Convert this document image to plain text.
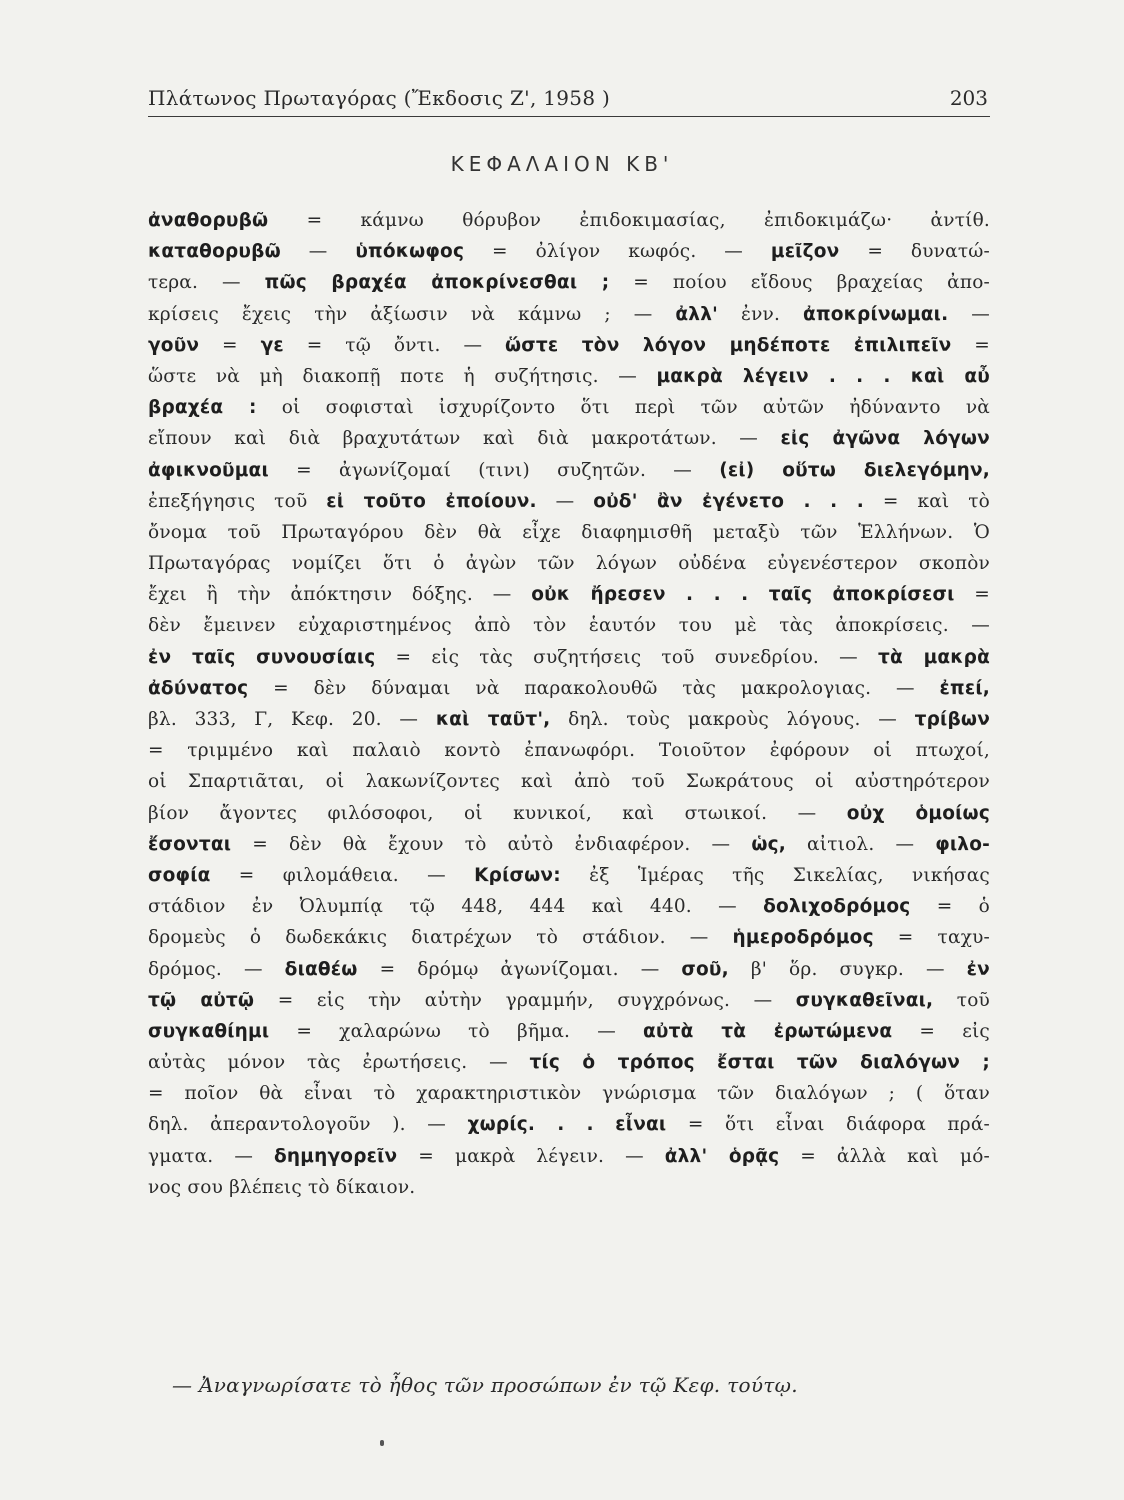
Πλάτωνος Πρωταγόρας (Ἔκδοσις Ζ', 1958 )	203
ΚΕΦΑΛΑΙΟΝ ΚΒ'
ἀναθορυβῶ = κάμνω θόρυβον ἐπιδοκιμασίας, ἐπιδοκιμάζω· ἀντίθ.
καταθορυβῶ — ὑπόκωφος = ὀλίγον κωφός. — μεῖζον = δυνατώ-
τερα. — πῶς βραχέα ἀποκρίνεσθαι ; = ποίου εἴδους βραχείας ἀπο-
κρίσεις ἔχεις τὴν ἀξίωσιν νὰ κάμνω ; — ἀλλ' ἐνν. ἀποκρίνωμαι. —
γοῦν = γε = τῷ ὄντι. — ὥστε τὸν λόγον μηδέποτε ἐπιλιπεῖν =
ὥστε νὰ μὴ διακοπῇ ποτε ἡ συζήτησις. — μακρὰ λέγειν . . . καὶ αὖ
βραχέα : οἱ σοφισταὶ ἰσχυρίζοντο ὅτι περὶ τῶν αὐτῶν ἠδύναντο νὰ
εἴπουν καὶ διὰ βραχυτάτων καὶ διὰ μακροτάτων. — εἰς ἀγῶνα λόγων
ἀφικνοῦμαι = ἀγωνίζομαί (τινι) συζητῶν. — (εἰ) οὕτω διελεγόμην,
ἐπεξήγησις τοῦ εἰ τοῦτο ἐποίουν. — οὐδ' ἂν ἐγένετο . . . = καὶ τὸ
ὄνομα τοῦ Πρωταγόρου δὲν θὰ εἶχε διαφημισθῆ μεταξὺ τῶν Ἑλλήνων. Ὁ
Πρωταγόρας νομίζει ὅτι ὁ ἀγὼν τῶν λόγων οὐδένα εὐγενέστερον σκοπὸν
ἔχει ἢ τὴν ἀπόκτησιν δόξης. — οὐκ ἤρεσεν . . . ταῖς ἀποκρίσεσι =
δὲν ἔμεινεν εὐχαριστημένος ἀπὸ τὸν ἑαυτόν του μὲ τὰς ἀποκρίσεις. —
ἐν ταῖς συνουσίαις = εἰς τὰς συζητήσεις τοῦ συνεδρίου. — τὰ μακρὰ
ἀδύνατος = δὲν δύναμαι νὰ παρακολουθῶ τὰς μακρολογιας. — ἐπεί,
βλ. 333, Γ, Κεφ. 20. — καὶ ταῦτ', δηλ. τοὺς μακροὺς λόγους. — τρίβων
= τριμμένο καὶ παλαιὸ κοντὸ ἐπανωφόρι. Τοιοῦτον ἐφόρουν οἱ πτωχοί,
οἱ Σπαρτιᾶται, οἱ λακωνίζοντες καὶ ἀπὸ τοῦ Σωκράτους οἱ αὐστηρότερον
βίον ἄγοντες φιλόσοφοι, οἱ κυνικοί, καὶ στωικοί. — οὐχ ὁμοίως
ἔσονται = δὲν θὰ ἔχουν τὸ αὐτὸ ἐνδιαφέρον. — ὡς, αἰτιολ. — φιλο-
σοφία = φιλομάθεια. — Κρίσων: ἐξ Ἱμέρας τῆς Σικελίας, νικήσας
στάδιον ἐν Ὀλυμπίᾳ τῷ 448, 444 καὶ 440. — δολιχοδρόμος = ὁ
δρομεὺς ὁ δωδεκάκις διατρέχων τὸ στάδιον. — ἡμεροδρόμος = ταχυ-
δρόμος. — διαθέω = δρόμῳ ἀγωνίζομαι. — σοῦ, β' ὅρ. συγκρ. — ἐν
τῷ αὐτῷ = εἰς τὴν αὐτὴν γραμμήν, συγχρόνως. — συγκαθεῖναι, τοῦ
συγκαθίημι = χαλαρώνω τὸ βῆμα. — αὐτὰ τὰ ἐρωτώμενα = εἰς
αὐτὰς μόνον τὰς ἐρωτήσεις. — τίς ὁ τρόπος ἔσται τῶν διαλόγων ;
= ποῖον θὰ εἶναι τὸ χαρακτηριστικὸν γνώρισμα τῶν διαλόγων ; ( ὅταν
δηλ. ἀπεραντολογοῦν ). — χωρίς. . . εἶναι = ὅτι εἶναι διάφορα πρά-
γματα. — δημηγορεῖν = μακρὰ λέγειν. — ἀλλ' ὁρᾷς = ἀλλὰ καὶ μό-
νος σου βλέπεις τὸ δίκαιον.
— Ἀναγνωρίσατε τὸ ἦθος τῶν προσώπων ἐν τῷ Κεφ. τούτῳ.
